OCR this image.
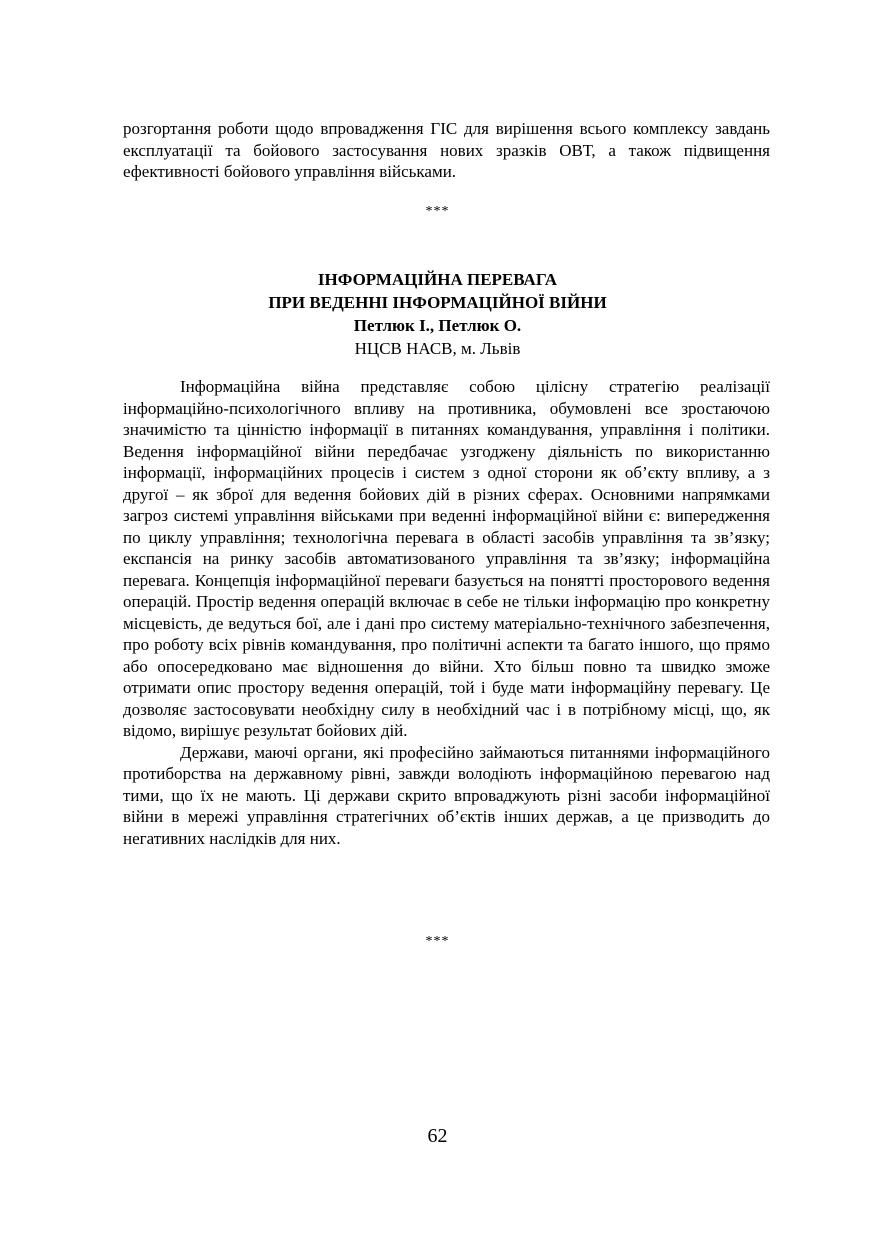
розгортання роботи щодо впровадження ГІС для вирішення всього комплексу завдань експлуатації та бойового застосування нових зразків ОВТ, а також підвищення ефективності бойового управління військами.

***
ІНФОРМАЦІЙНА ПЕРЕВАГА
ПРИ ВЕДЕННІ ІНФОРМАЦІЙНОЇ ВІЙНИ
Петлюк І., Петлюк О.
НЦСВ НАСВ, м. Львів

Інформаційна війна представляє собою цілісну стратегію реалізації інформаційно-психологічного впливу на противника, обумовлені все зростаючою значимістю та цінністю інформації в питаннях командування, управління і політики. Ведення інформаційної війни передбачає узгоджену діяльність по використанню інформації, інформаційних процесів і систем з одної сторони як об’єкту впливу, а з другої – як зброї для ведення бойових дій в різних сферах. Основними напрямками загроз системі управління військами при веденні інформаційної війни є: випередження по циклу управління; технологічна перевага в області засобів управління та зв’язку; експансія на ринку засобів автоматизованого управління та зв’язку; інформаційна перевага. Концепція інформаційної переваги базується на понятті просторового ведення операцій. Простір ведення операцій включає в себе не тільки інформацію про конкретну місцевість, де ведуться бої, але і дані про систему матеріально-технічного забезпечення, про роботу всіх рівнів командування, про політичні аспекти та багато іншого, що прямо або опосередковано має відношення до війни. Хто більш повно та швидко зможе отримати опис простору ведення операцій, той і буде мати інформаційну перевагу. Це дозволяє застосовувати необхідну силу в необхідний час і в потрібному місці, що, як відомо, вирішує результат бойових дій.

Держави, маючі органи, які професійно займаються питаннями інформаційного протиборства на державному рівні, завжди володіють інформаційною перевагою над тими, що їх не мають. Ці держави скрито впроваджують різні засоби інформаційної війни в мережі управління стратегічних об’єктів інших держав, а це призводить до негативних наслідків для них.

***
62
